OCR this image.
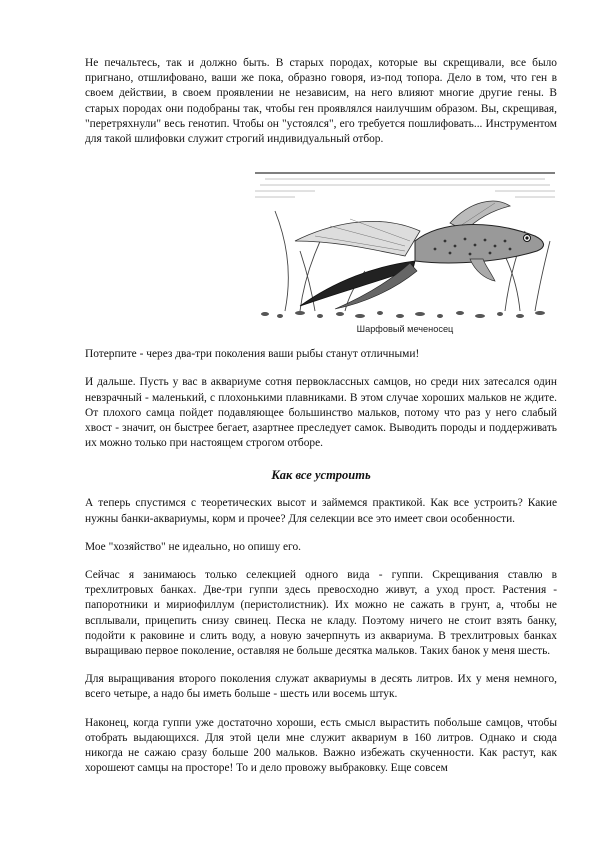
Не печальтесь, так и должно быть. В старых породах, которые вы скрещивали, все было пригнано, отшлифовано, ваши же пока, образно говоря, из-под топора. Дело в том, что ген в своем действии, в своем проявлении не независим, на него влияют многие другие гены. В старых породах они подобраны так, чтобы ген проявлялся наилучшим образом. Вы, скрещивая, "перетряхнули" весь генотип. Чтобы он "устоялся", его требуется пошлифовать... Инструментом для такой шлифовки служит строгий индивидуальный отбор.

Шарфовый меченосец

Потерпите - через два-три поколения ваши рыбы станут отличными!

И дальше. Пусть у вас в аквариуме сотня первоклассных самцов, но среди них затесался один невзрачный - маленький, с плохонькими плавниками. В этом случае хороших мальков не ждите. От плохого самца пойдет подавляющее большинство мальков, потому что раз у него слабый хвост - значит, он быстрее бегает, азартнее преследует самок. Выводить породы и поддерживать их можно только при настоящем строгом отборе.

Как все устроить

А теперь спустимся с теоретических высот и займемся практикой. Как все устроить? Какие нужны банки-аквариумы, корм и прочее? Для селекции все это имеет свои особенности.

Мое "хозяйство" не идеально, но опишу его.

Сейчас я занимаюсь только селекцией одного вида - гуппи. Скрещивания ставлю в трехлитровых банках. Две-три гуппи здесь превосходно живут, а уход прост. Растения - папоротники и мириофиллум (перистолистник). Их можно не сажать в грунт, а, чтобы не всплывали, прицепить снизу свинец. Песка не кладу. Поэтому ничего не стоит взять банку, подойти к раковине и слить воду, а новую зачерпнуть из аквариума. В трехлитровых банках выращиваю первое поколение, оставляя не больше десятка мальков. Таких банок у меня шесть.

Для выращивания второго поколения служат аквариумы в десять литров. Их у меня немного, всего четыре, а надо бы иметь больше - шесть или восемь штук.

Наконец, когда гуппи уже достаточно хороши, есть смысл вырастить побольше самцов, чтобы отобрать выдающихся. Для этой цели мне служит аквариум в 160 литров. Однако и сюда никогда не сажаю сразу больше 200 мальков. Важно избежать скученности. Как растут, как хорошеют самцы на просторе! То и дело провожу выбраковку. Еще совсем
